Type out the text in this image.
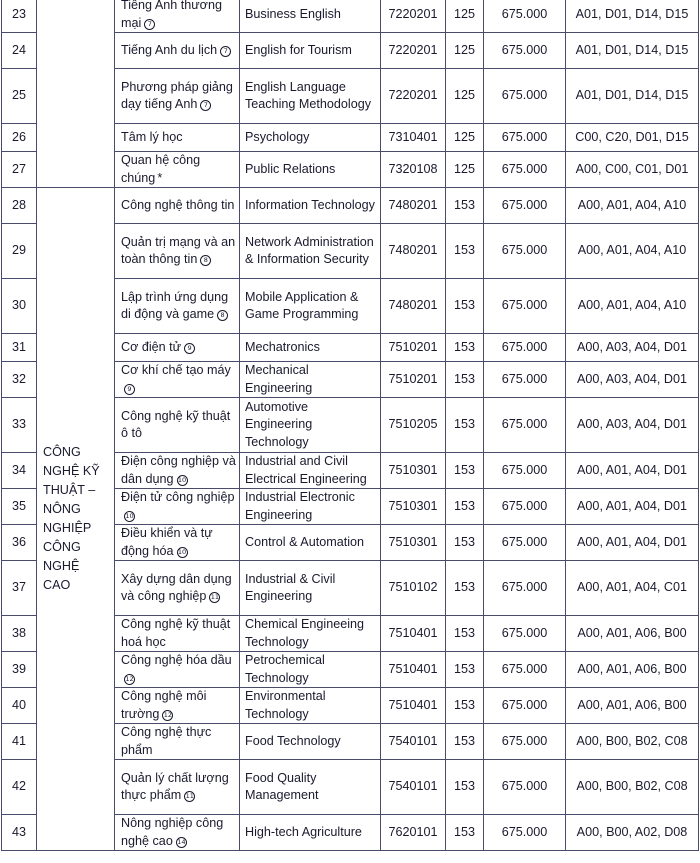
23		Tiếng Anh thương mại 7	Business English	7220201	125	675.000	A01, D01, D14, D15
24		Tiếng Anh du lịch 7	English for Tourism	7220201	125	675.000	A01, D01, D14, D15
25		Phương pháp giảng dạy tiếng Anh 7	English Language Teaching Methodology	7220201	125	675.000	A01, D01, D14, D15
26		Tâm lý học	Psychology	7310401	125	675.000	C00, C20, D01, D15
27		Quan hệ công chúng *	Public Relations	7320108	125	675.000	A00, C00, C01, D01
28	CÔNG NGHỆ KỸ THUẬT – NÔNG NGHIỆP CÔNG NGHỆ CAO	Công nghệ thông tin	Information Technology	7480201	153	675.000	A00, A01, A04, A10
29		Quản trị mạng và an toàn thông tin 8	Network Administration & Information Security	7480201	153	675.000	A00, A01, A04, A10
30		Lập trình ứng dụng di động và game 8	Mobile Application & Game Programming	7480201	153	675.000	A00, A01, A04, A10
31		Cơ điện tử 9	Mechatronics	7510201	153	675.000	A00, A03, A04, D01
32		Cơ khí chế tạo máy9	Mechanical Engineering	7510201	153	675.000	A00, A03, A04, D01
33		Công nghệ kỹ thuật ô tô	Automotive Engineering Technology	7510205	153	675.000	A00, A03, A04, D01
34		Điện công nghiệp và dân dụng 10	Industrial and Civil Electrical Engineering	7510301	153	675.000	A00, A01, A04, D01
35		Điện tử công nghiệp10	Industrial Electronic Engineering	7510301	153	675.000	A00, A01, A04, D01
36		Điều khiển và tự động hóa 10	Control & Automation	7510301	153	675.000	A00, A01, A04, D01
37		Xây dựng dân dụng và công nghiệp 11	Industrial & Civil Engineering	7510102	153	675.000	A00, A01, A04, C01
38		Công nghệ kỹ thuật hoá học	Chemical Engineeing Technology	7510401	153	675.000	A00, A01, A06, B00
39		Công nghệ hóa dầu12	Petrochemical Technology	7510401	153	675.000	A00, A01, A06, B00
40		Công nghệ môi trường 12	Environmental Technology	7510401	153	675.000	A00, A01, A06, B00
41		Công nghệ thực phẩm	Food Technology	7540101	153	675.000	A00, B00, B02, C08
42		Quản lý chất lượng thực phẩm 11	Food Quality Management	7540101	153	675.000	A00, B00, B02, C08
43		Nông nghiệp công nghệ cao 14	High-tech Agriculture	7620101	153	675.000	A00, B00, A02, D08
